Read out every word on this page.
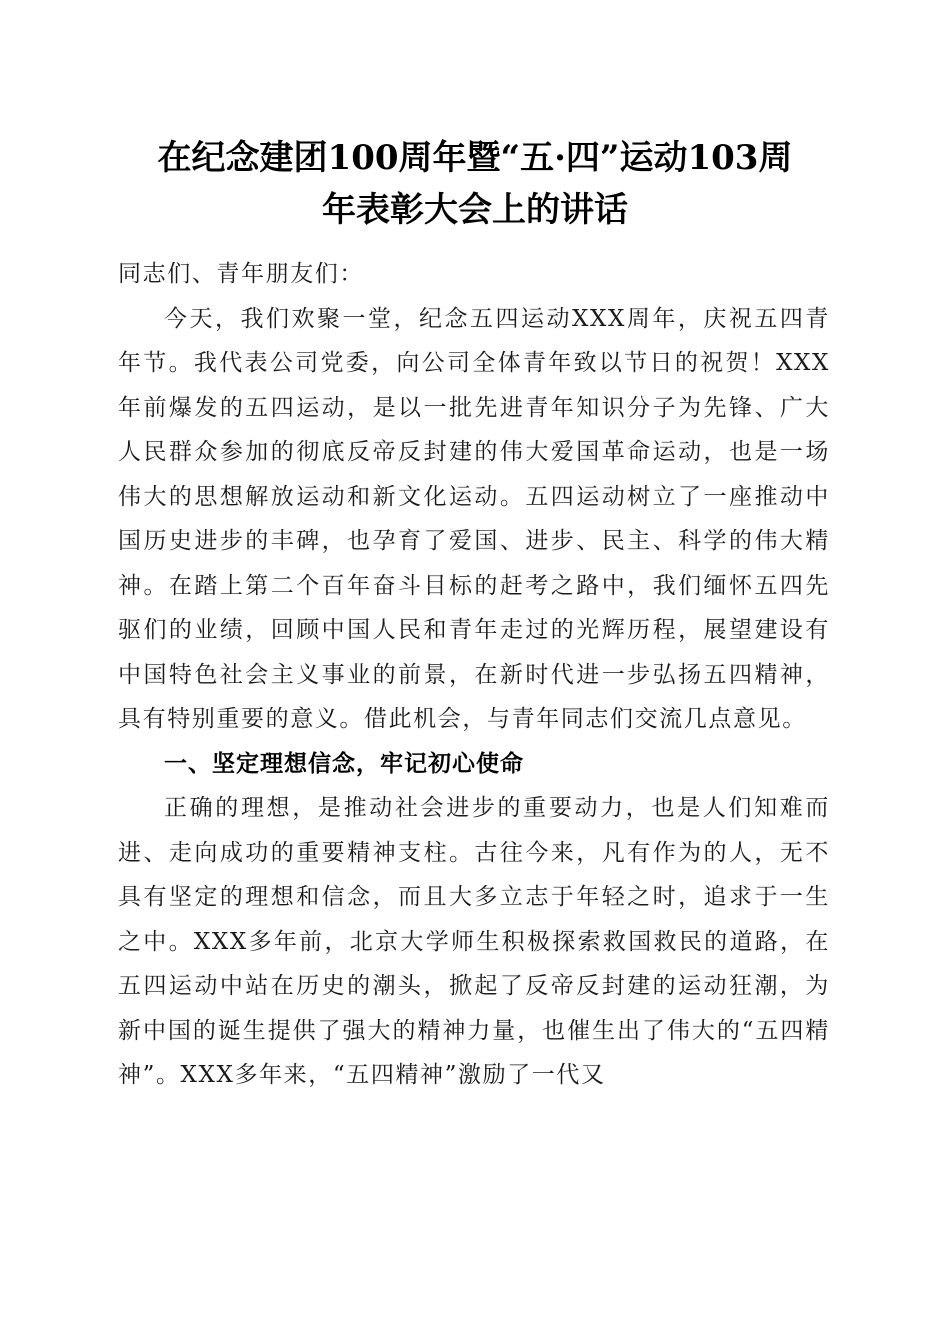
在纪念建团100周年暨“五·四”运动103周
年表彰大会上的讲话

同志们、青年朋友们：

今天，我们欢聚一堂，纪念五四运动XXX周年，庆祝五四青年节。我代表公司党委，向公司全体青年致以节日的祝贺！XXX年前爆发的五四运动，是以一批先进青年知识分子为先锋、广大人民群众参加的彻底反帝反封建的伟大爱国革命运动，也是一场伟大的思想解放运动和新文化运动。五四运动树立了一座推动中国历史进步的丰碑，也孕育了爱国、进步、民主、科学的伟大精神。在踏上第二个百年奋斗目标的赶考之路中，我们缅怀五四先驱们的业绩，回顾中国人民和青年走过的光辉历程，展望建设有中国特色社会主义事业的前景，在新时代进一步弘扬五四精神，具有特别重要的意义。借此机会，与青年同志们交流几点意见。

一、坚定理想信念，牢记初心使命

正确的理想，是推动社会进步的重要动力，也是人们知难而进、走向成功的重要精神支柱。古往今来，凡有作为的人，无不具有坚定的理想和信念，而且大多立志于年轻之时，追求于一生之中。XXX多年前，北京大学师生积极探索救国救民的道路，在五四运动中站在历史的潮头，掀起了反帝反封建的运动狂潮，为新中国的诞生提供了强大的精神力量，也催生出了伟大的“五四精神”。XXX多年来，“五四精神”激励了一代又
